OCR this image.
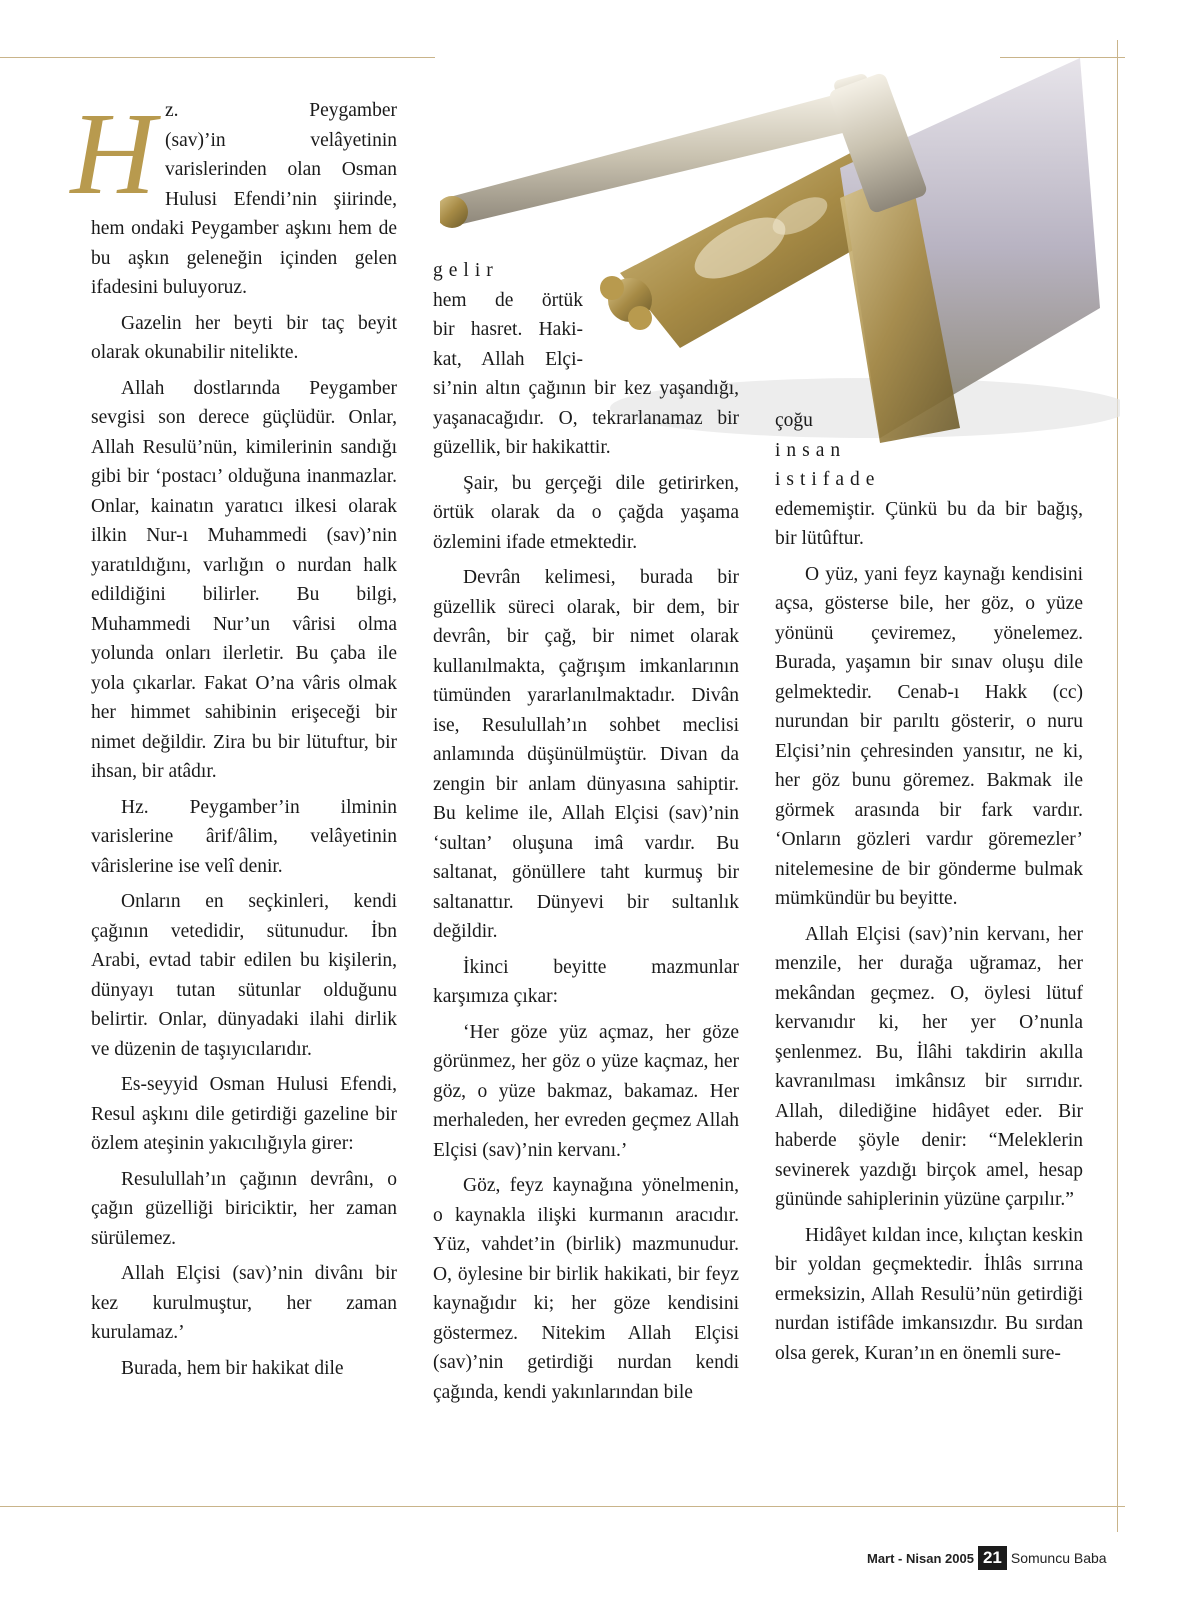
H z.	Peygamber
(sav)’in velâyetinin varislerinden olan Osman Hulusi Efendi’nin şiirinde, hem ondaki Peygamber aşkını hem de bu aşkın geleneğin içinden gelen ifadesini buluyoruz.

Gazelin her beyti bir taç beyit olarak okunabilir nitelikte.

Allah dostlarında Peygamber sevgisi son derece güçlüdür. Onlar, Allah Resulü’nün, kimilerinin sandığı gibi bir ‘postacı’ olduğuna inanmazlar. Onlar, kainatın yaratıcı ilkesi olarak ilkin Nur-ı Muhammedi (sav)’nin yaratıldığını, varlığın o nurdan halk edildiğini bilirler. Bu bilgi, Muhammedi Nur’un vârisi olma yolunda onları ilerletir. Bu çaba ile yola çıkarlar. Fakat O’na vâris olmak her himmet sahibinin erişeceği bir nimet değildir. Zira bu bir lütuftur, bir ihsan, bir atâdır.

Hz. Peygamber’in ilminin varislerine ârif/âlim, velâyetinin vârislerine ise velî denir.

Onların en seçkinleri, kendi çağının vetedidir, sütunudur. İbn Arabi, evtad tabir edilen bu kişilerin, dünyayı tutan sütunlar olduğunu belirtir. Onlar, dünyadaki ilahi dirlik ve düzenin de taşıyıcılarıdır.

Es-seyyid Osman Hulusi Efendi, Resul aşkını dile getirdiği gazeline bir özlem ateşinin yakıcılığıyla girer:

Resulullah’ın çağının devrânı, o çağın güzelliği biriciktir, her zaman sürülemez.

Allah Elçisi (sav)’nin divânı bir kez kurulmuştur, her zaman kurulamaz.’

Burada, hem bir hakikat dile

gelir
hem de örtük
bir hasret. Haki-
kat, Allah Elçi-
si’nin altın çağının bir kez yaşandığı, yaşanacağıdır. O, tekrarlanamaz bir güzellik, bir hakikattir.

Şair, bu gerçeği dile getirirken, örtük olarak da o çağda yaşama özlemini ifade etmektedir.

Devrân kelimesi, burada bir güzellik süreci olarak, bir dem, bir devrân, bir çağ, bir nimet olarak kullanılmakta, çağrışım imkanlarının tümünden yararlanılmaktadır. Divân ise, Resulullah’ın sohbet meclisi anlamında düşünülmüştür. Divan da zengin bir anlam dünyasına sahiptir. Bu kelime ile, Allah Elçisi (sav)’nin ‘sultan’ oluşuna imâ vardır. Bu saltanat, gönüllere taht kurmuş bir saltanattır. Dünyevi bir sultanlık değildir.

İkinci beyitte mazmunlar karşımıza çıkar:

‘Her göze yüz açmaz, her göze görünmez, her göz o yüze kaçmaz, her göz, o yüze bakmaz, bakamaz. Her merhaleden, her evreden geçmez Allah Elçisi (sav)’nin kervanı.’

Göz, feyz kaynağına yönelmenin, o kaynakla ilişki kurmanın aracıdır. Yüz, vahdet’in (birlik) mazmunudur. O, öylesine bir birlik hakikati, bir feyz kaynağıdır ki; her göze kendisini göstermez. Nitekim Allah Elçisi (sav)’nin getirdiği nurdan kendi çağında, kendi yakınlarından bile

çoğu
insan
istifade
edememiştir. Çünkü bu da bir bağış, bir lütûftur.

O yüz, yani feyz kaynağı kendisini açsa, gösterse bile, her göz, o yüze yönünü çeviremez, yönelemez. Burada, yaşamın bir sınav oluşu dile gelmektedir. Cenab-ı Hakk (cc) nurundan bir parıltı gösterir, o nuru Elçisi’nin çehresinden yansıtır, ne ki, her göz bunu göremez. Bakmak ile görmek arasında bir fark vardır. ‘Onların gözleri vardır göremezler’ nitelemesine de bir gönderme bulmak mümkündür bu beyitte.

Allah Elçisi (sav)’nin kervanı, her menzile, her durağa uğramaz, her mekândan geçmez. O, öylesi lütuf kervanıdır ki, her yer O’nunla şenlenmez. Bu, İlâhi takdirin akılla kavranılması imkânsız bir sırrıdır. Allah, dilediğine hidâyet eder. Bir haberde şöyle denir: “Meleklerin sevinerek yazdığı birçok amel, hesap gününde sahiplerinin yüzüne çarpılır.”

Hidâyet kıldan ince, kılıçtan keskin bir yoldan geçmektedir. İhlâs sırrına ermeksizin, Allah Resulü’nün getirdiği nurdan istifâde imkansızdır. Bu sırdan olsa gerek, Kuran’ın en önemli sure-

Mart - Nisan 2005 21 Somuncu Baba
